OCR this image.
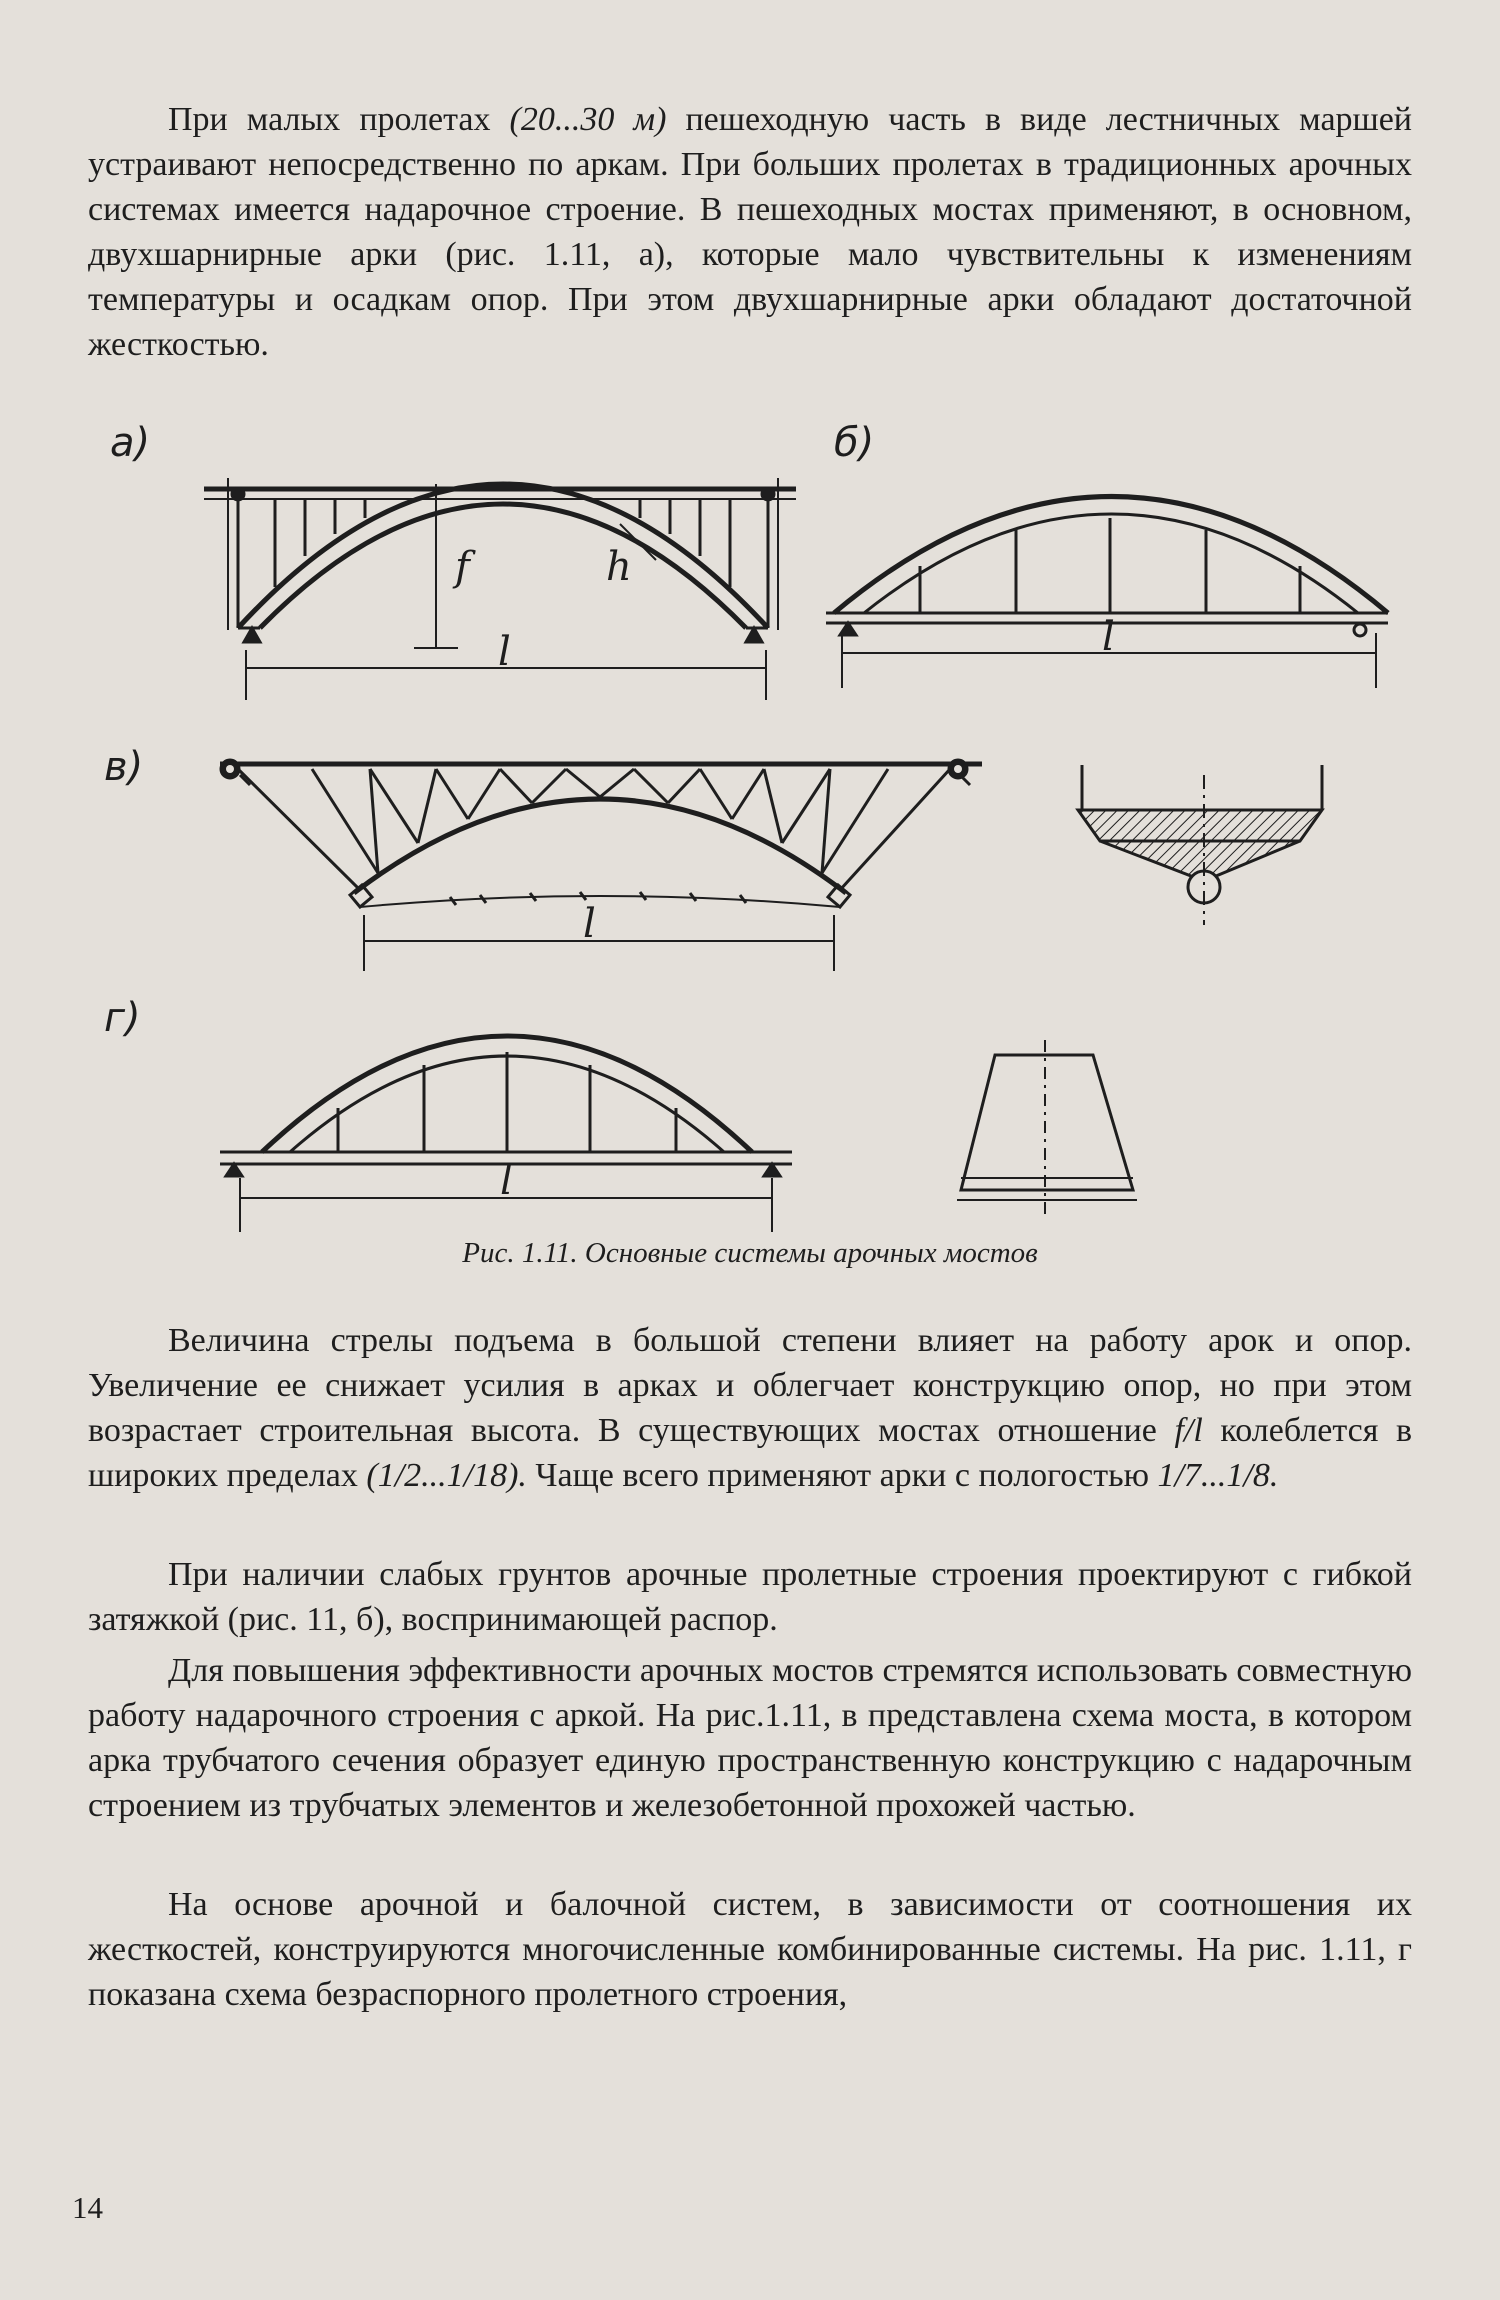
При малых пролетах (20...30 м) пешеходную часть в виде лестничных маршей устраивают непосредственно по аркам. При больших пролетах в традиционных арочных системах имеется надарочное строение. В пешеходных мостах применяют, в основном, двухшарнирные арки (рис. 1.11, а), которые мало чувствительны к изменениям температуры и осадкам опор. При этом двухшарнирные арки обладают достаточной жесткостью.

а)	б)
в)
г)
f	h
l	l
l
l
Рис. 1.11. Основные системы арочных мостов

Величина стрелы подъема в большой степени влияет на работу арок и опор. Увеличение ее снижает усилия в арках и облегчает конструкцию опор, но при этом возрастает строительная высота. В существующих мостах отношение f/l колеблется в широких пределах (1/2...1/18). Чаще всего применяют арки с пологостью 1/7...1/8.

При наличии слабых грунтов арочные пролетные строения проектируют с гибкой затяжкой (рис. 11, б), воспринимающей распор.

Для повышения эффективности арочных мостов стремятся использовать совместную работу надарочного строения с аркой. На рис.1.11, в представлена схема моста, в котором арка трубчатого сечения образует единую пространственную конструкцию с надарочным строением из трубчатых элементов и железобетонной прохожей частью.

На основе арочной и балочной систем, в зависимости от соотношения их жесткостей, конструируются многочисленные комбинированные системы. На рис. 1.11, г показана схема безраспорного пролетного строения,

14
